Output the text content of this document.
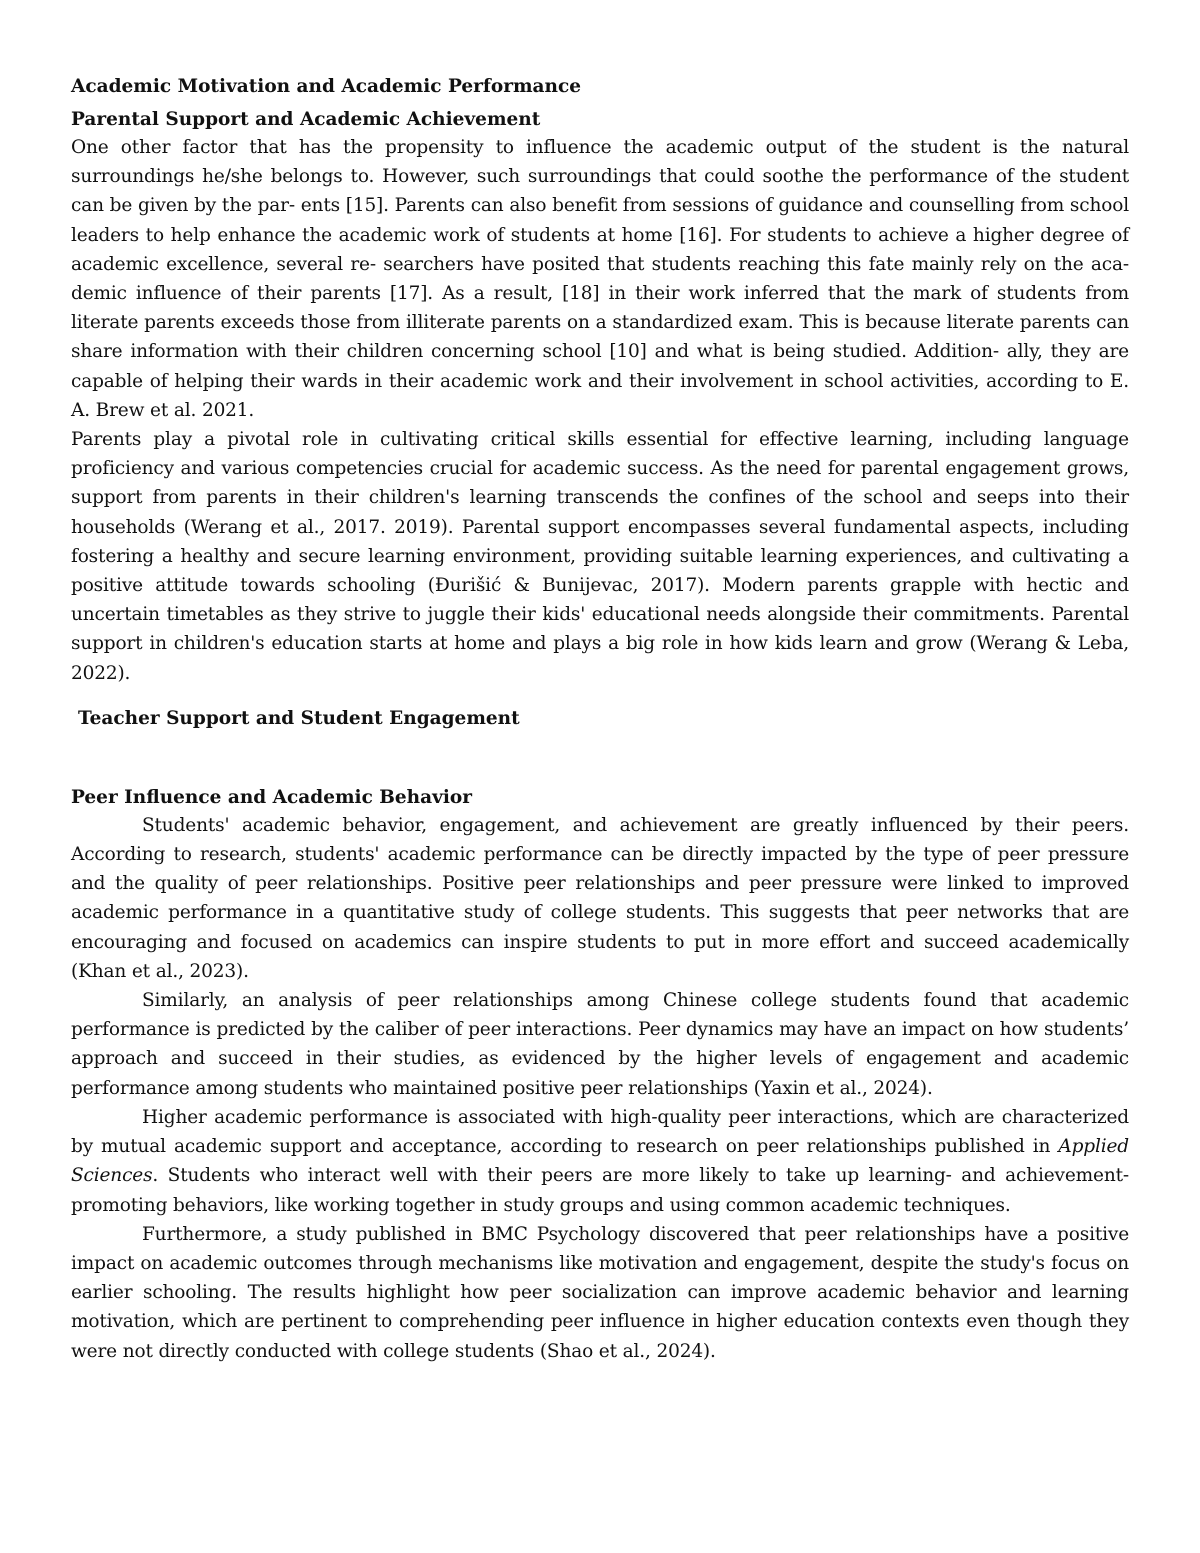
Academic Motivation and Academic Performance
Parental Support and Academic Achievement

One other factor that has the propensity to influence the academic output of the student is the natural surroundings he/she belongs to. However, such surroundings that could soothe the performance of the student can be given by the par- ents [15]. Parents can also benefit from sessions of guidance and counselling from school leaders to help enhance the academic work of students at home [16]. For students to achieve a higher degree of academic excellence, several re- searchers have posited that students reaching this fate mainly rely on the aca- demic influence of their parents [17]. As a result, [18] in their work inferred that the mark of students from literate parents exceeds those from illiterate parents on a standardized exam. This is because literate parents can share information with their children concerning school [10] and what is being studied. Addition- ally, they are capable of helping their wards in their academic work and their involvement in school activities, according to E. A. Brew et al. 2021.

Parents play a pivotal role in cultivating critical skills essential for effective learning, including language proficiency and various competencies crucial for academic success. As the need for parental engagement grows, support from parents in their children's learning transcends the confines of the school and seeps into their households (Werang et al., 2017. 2019). Parental support encompasses several fundamental aspects, including fostering a healthy and secure learning environment, providing suitable learning experiences, and cultivating a positive attitude towards schooling (Đurišić & Bunijevac, 2017). Modern parents grapple with hectic and uncertain timetables as they strive to juggle their kids' educational needs alongside their commitments. Parental support in children's education starts at home and plays a big role in how kids learn and grow (Werang & Leba, 2022).

Teacher Support and Student Engagement
Peer Influence and Academic Behavior

Students' academic behavior, engagement, and achievement are greatly influenced by their peers. According to research, students' academic performance can be directly impacted by the type of peer pressure and the quality of peer relationships. Positive peer relationships and peer pressure were linked to improved academic performance in a quantitative study of college students. This suggests that peer networks that are encouraging and focused on academics can inspire students to put in more effort and succeed academically (Khan et al., 2023).

Similarly, an analysis of peer relationships among Chinese college students found that academic performance is predicted by the caliber of peer interactions. Peer dynamics may have an impact on how students’ approach and succeed in their studies, as evidenced by the higher levels of engagement and academic performance among students who maintained positive peer relationships (Yaxin et al., 2024).

Higher academic performance is associated with high-quality peer interactions, which are characterized by mutual academic support and acceptance, according to research on peer relationships published in Applied Sciences. Students who interact well with their peers are more likely to take up learning- and achievement-promoting behaviors, like working together in study groups and using common academic techniques.

Furthermore, a study published in BMC Psychology discovered that peer relationships have a positive impact on academic outcomes through mechanisms like motivation and engagement, despite the study's focus on earlier schooling. The results highlight how peer socialization can improve academic behavior and learning motivation, which are pertinent to comprehending peer influence in higher education contexts even though they were not directly conducted with college students (Shao et al., 2024).
